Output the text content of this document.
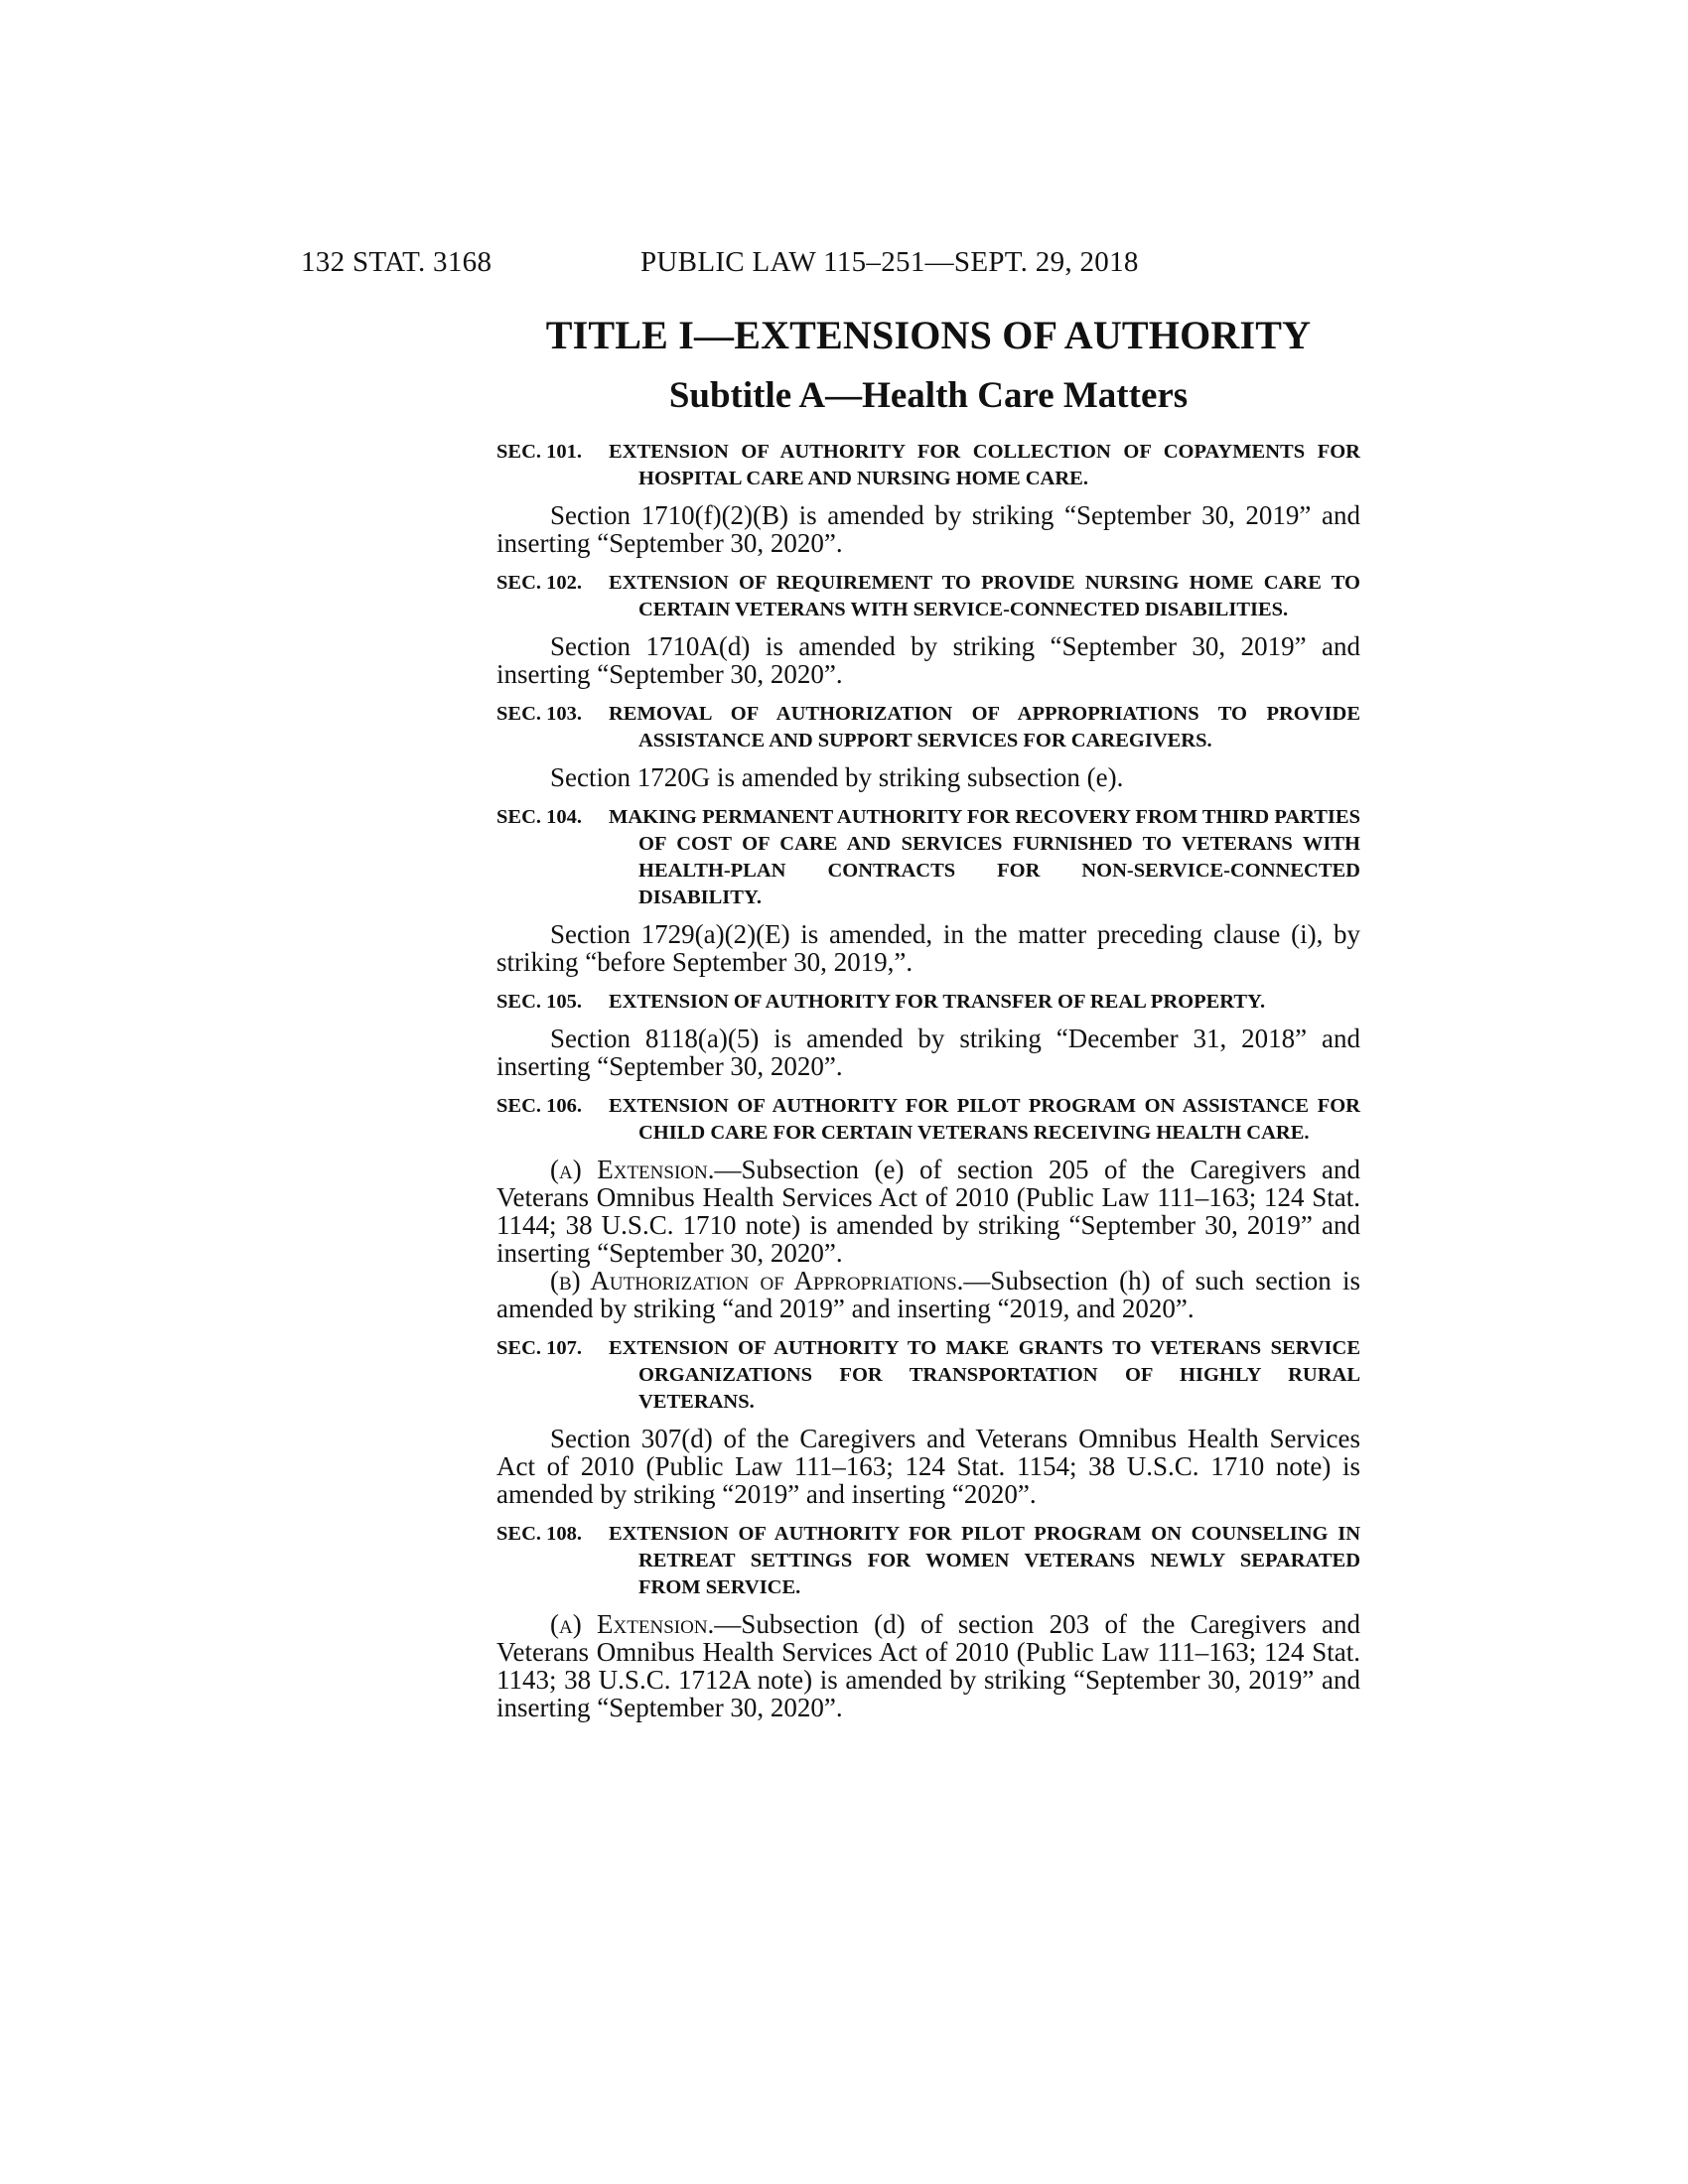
132 STAT. 3168	PUBLIC LAW 115–251—SEPT. 29, 2018
TITLE I—EXTENSIONS OF AUTHORITY
Subtitle A—Health Care Matters
SEC. 101. EXTENSION OF AUTHORITY FOR COLLECTION OF COPAYMENTS FOR HOSPITAL CARE AND NURSING HOME CARE.

Section 1710(f)(2)(B) is amended by striking “September 30, 2019” and inserting “September 30, 2020”.

SEC. 102. EXTENSION OF REQUIREMENT TO PROVIDE NURSING HOME CARE TO CERTAIN VETERANS WITH SERVICE-CONNECTED DISABILITIES.

Section 1710A(d) is amended by striking “September 30, 2019” and inserting “September 30, 2020”.

SEC. 103. REMOVAL OF AUTHORIZATION OF APPROPRIATIONS TO PROVIDE ASSISTANCE AND SUPPORT SERVICES FOR CAREGIVERS.

Section 1720G is amended by striking subsection (e).

SEC. 104. MAKING PERMANENT AUTHORITY FOR RECOVERY FROM THIRD PARTIES OF COST OF CARE AND SERVICES FURNISHED TO VETERANS WITH HEALTH-PLAN CONTRACTS FOR NON-SERVICE-CONNECTED DISABILITY.

Section 1729(a)(2)(E) is amended, in the matter preceding clause (i), by striking “before September 30, 2019,”.

SEC. 105. EXTENSION OF AUTHORITY FOR TRANSFER OF REAL PROPERTY.

Section 8118(a)(5) is amended by striking “December 31, 2018” and inserting “September 30, 2020”.

SEC. 106. EXTENSION OF AUTHORITY FOR PILOT PROGRAM ON ASSISTANCE FOR CHILD CARE FOR CERTAIN VETERANS RECEIVING HEALTH CARE.

(a) Extension.—Subsection (e) of section 205 of the Caregivers and Veterans Omnibus Health Services Act of 2010 (Public Law 111–163; 124 Stat. 1144; 38 U.S.C. 1710 note) is amended by striking “September 30, 2019” and inserting “September 30, 2020”.

(b) Authorization of Appropriations.—Subsection (h) of such section is amended by striking “and 2019” and inserting “2019, and 2020”.

SEC. 107. EXTENSION OF AUTHORITY TO MAKE GRANTS TO VETERANS SERVICE ORGANIZATIONS FOR TRANSPORTATION OF HIGHLY RURAL VETERANS.

Section 307(d) of the Caregivers and Veterans Omnibus Health Services Act of 2010 (Public Law 111–163; 124 Stat. 1154; 38 U.S.C. 1710 note) is amended by striking “2019” and inserting “2020”.

SEC. 108. EXTENSION OF AUTHORITY FOR PILOT PROGRAM ON COUNSELING IN RETREAT SETTINGS FOR WOMEN VETERANS NEWLY SEPARATED FROM SERVICE.

(a) Extension.—Subsection (d) of section 203 of the Caregivers and Veterans Omnibus Health Services Act of 2010 (Public Law 111–163; 124 Stat. 1143; 38 U.S.C. 1712A note) is amended by striking “September 30, 2019” and inserting “September 30, 2020”.
